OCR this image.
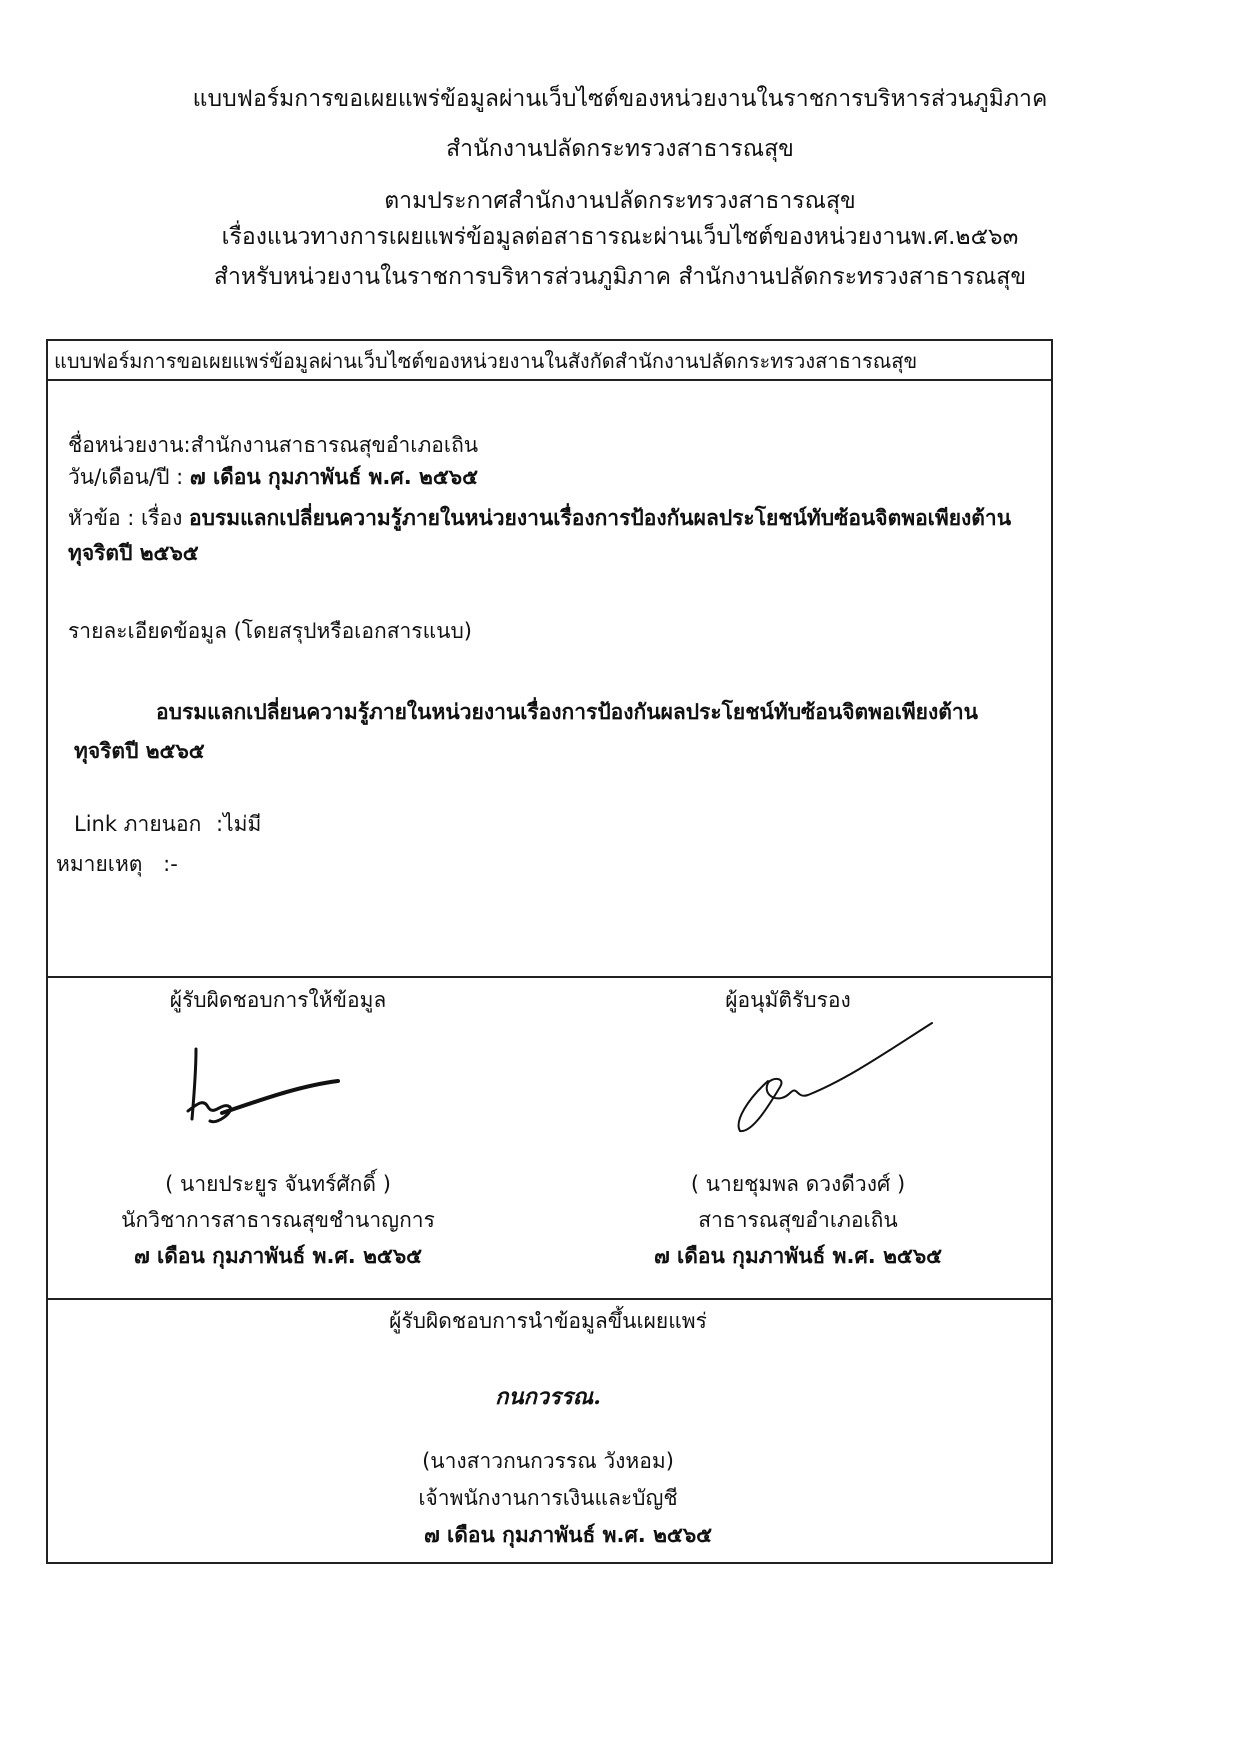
แบบฟอร์มการขอเผยแพร่ข้อมูลผ่านเว็บไซต์ของหน่วยงานในราชการบริหารส่วนภูมิภาค
สำนักงานปลัดกระทรวงสาธารณสุข
ตามประกาศสำนักงานปลัดกระทรวงสาธารณสุข
เรื่องแนวทางการเผยแพร่ข้อมูลต่อสาธารณะผ่านเว็บไซต์ของหน่วยงานพ.ศ.๒๕๖๓
สำหรับหน่วยงานในราชการบริหารส่วนภูมิภาค สำนักงานปลัดกระทรวงสาธารณสุข
แบบฟอร์มการขอเผยแพร่ข้อมูลผ่านเว็บไซต์ของหน่วยงานในสังกัดสำนักงานปลัดกระทรวงสาธารณสุข
ชื่อหน่วยงาน:สำนักงานสาธารณสุขอำเภอเถิน
วัน/เดือน/ปี : ๗ เดือน กุมภาพันธ์ พ.ศ. ๒๕๖๕
หัวข้อ : เรื่อง อบรมแลกเปลี่ยนความรู้ภายในหน่วยงานเรื่องการป้องกันผลประโยชน์ทับซ้อนจิตพอเพียงต้าน
ทุจริตปี ๒๕๖๕
รายละเอียดข้อมูล (โดยสรุปหรือเอกสารแนบ)
อบรมแลกเปลี่ยนความรู้ภายในหน่วยงานเรื่องการป้องกันผลประโยชน์ทับซ้อนจิตพอเพียงต้าน
ทุจริตปี ๒๕๖๕
Link ภายนอก :ไม่มี
หมายเหตุ :-
ผู้รับผิดชอบการให้ข้อมูล
( นายประยูร จันทร์ศักดิ์ )
นักวิชาการสาธารณสุขชำนาญการ
๗ เดือน กุมภาพันธ์ พ.ศ. ๒๕๖๕
ผู้อนุมัติรับรอง
( นายชุมพล ดวงดีวงศ์ )
สาธารณสุขอำเภอเถิน
๗ เดือน กุมภาพันธ์ พ.ศ. ๒๕๖๕
ผู้รับผิดชอบการนำข้อมูลขึ้นเผยแพร่
กนกวรรณ.
(นางสาวกนกวรรณ วังหอม)
เจ้าพนักงานการเงินและบัญชี
๗ เดือน กุมภาพันธ์ พ.ศ. ๒๕๖๕
